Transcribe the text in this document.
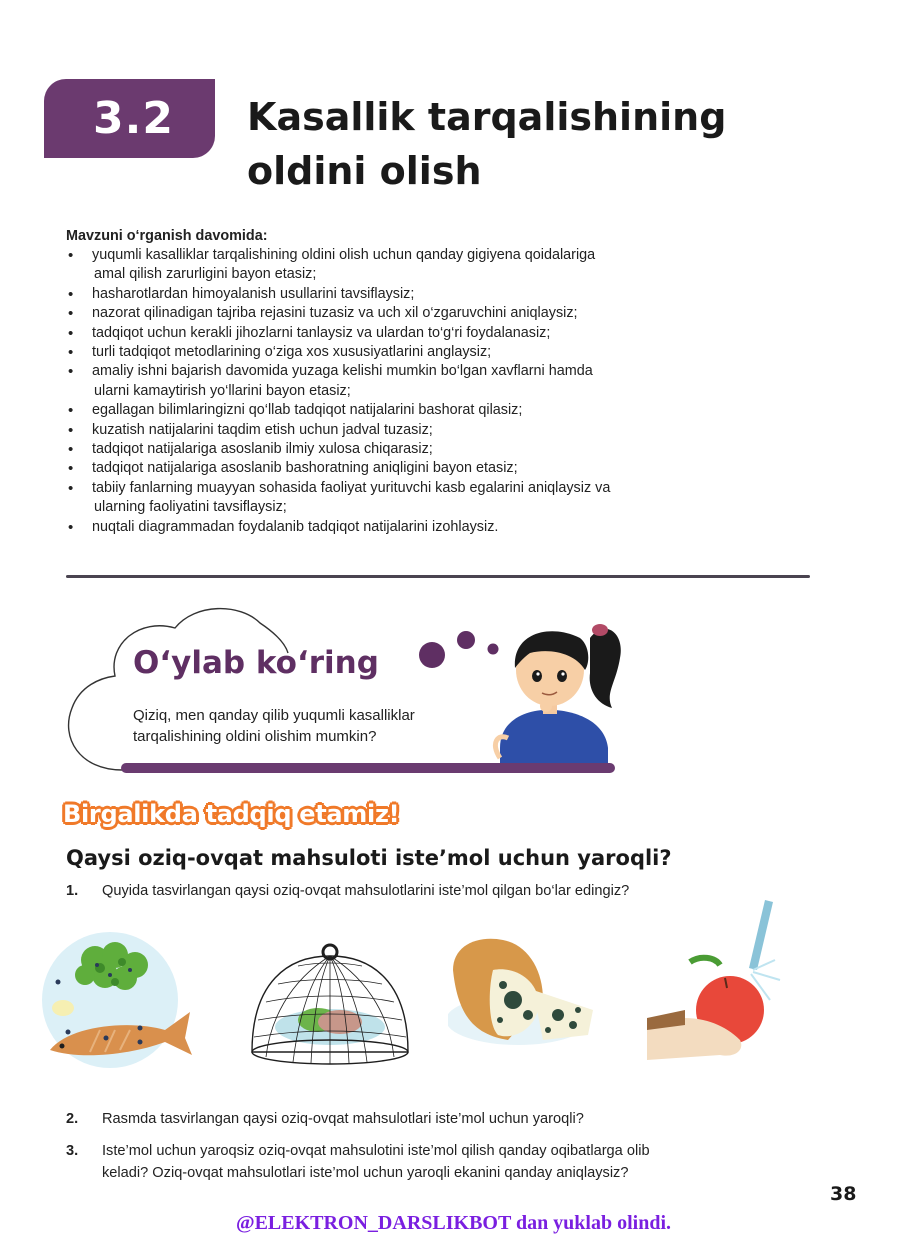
3.2 Kasallik tarqalishining
oldini olish
Mavzuni o‘rganish davomida:
• yuqumli kasalliklar tarqalishining oldini olish uchun qanday gigiyena qoidalariga
amal qilish zarurligini bayon etasiz;
• hasharotlardan himoyalanish usullarini tavsiflaysiz;
• nazorat qilinadigan tajriba rejasini tuzasiz va uch xil o‘zgaruvchini aniqlaysiz;
• tadqiqot uchun kerakli jihozlarni tanlaysiz va ulardan to‘g‘ri foydalanasiz;
• turli tadqiqot metodlarining o‘ziga xos xususiyatlarini anglaysiz;
• amaliy ishni bajarish davomida yuzaga kelishi mumkin bo‘lgan xavflarni hamda
ularni kamaytirish yo‘llarini bayon etasiz;
• egallagan bilimlaringizni qo‘llab tadqiqot natijalarini bashorat qilasiz;
• kuzatish natijalarini taqdim etish uchun jadval tuzasiz;
• tadqiqot natijalariga asoslanib ilmiy xulosa chiqarasiz;
• tadqiqot natijalariga asoslanib bashoratning aniqligini bayon etasiz;
• tabiiy fanlarning muayyan sohasida faoliyat yurituvchi kasb egalarini aniqlaysiz va
ularning faoliyatini tavsiflaysiz;
• nuqtali diagrammadan foydalanib tadqiqot natijalarini izohlaysiz.
O‘ylab ko‘ring
Qiziq, men qanday qilib yuqumli kasalliklar
tarqalishining oldini olishim mumkin?
Birgalikda tadqiq etamiz!
Qaysi oziq-ovqat mahsuloti iste’mol uchun yaroqli?
1.	Quyida tasvirlangan qaysi oziq-ovqat mahsulotlarini iste’mol qilgan bo‘lar edingiz?
2.	Rasmda tasvirlangan qaysi oziq-ovqat mahsulotlari iste’mol uchun yaroqli?
3.	Iste’mol uchun yaroqsiz oziq-ovqat mahsulotini iste’mol qilish qanday oqibatlarga olib
keladi? Oziq-ovqat mahsulotlari iste’mol uchun yaroqli ekanini qanday aniqlaysiz?
38
@ELEKTRON_DARSLIKBOT dan yuklab olindi.
